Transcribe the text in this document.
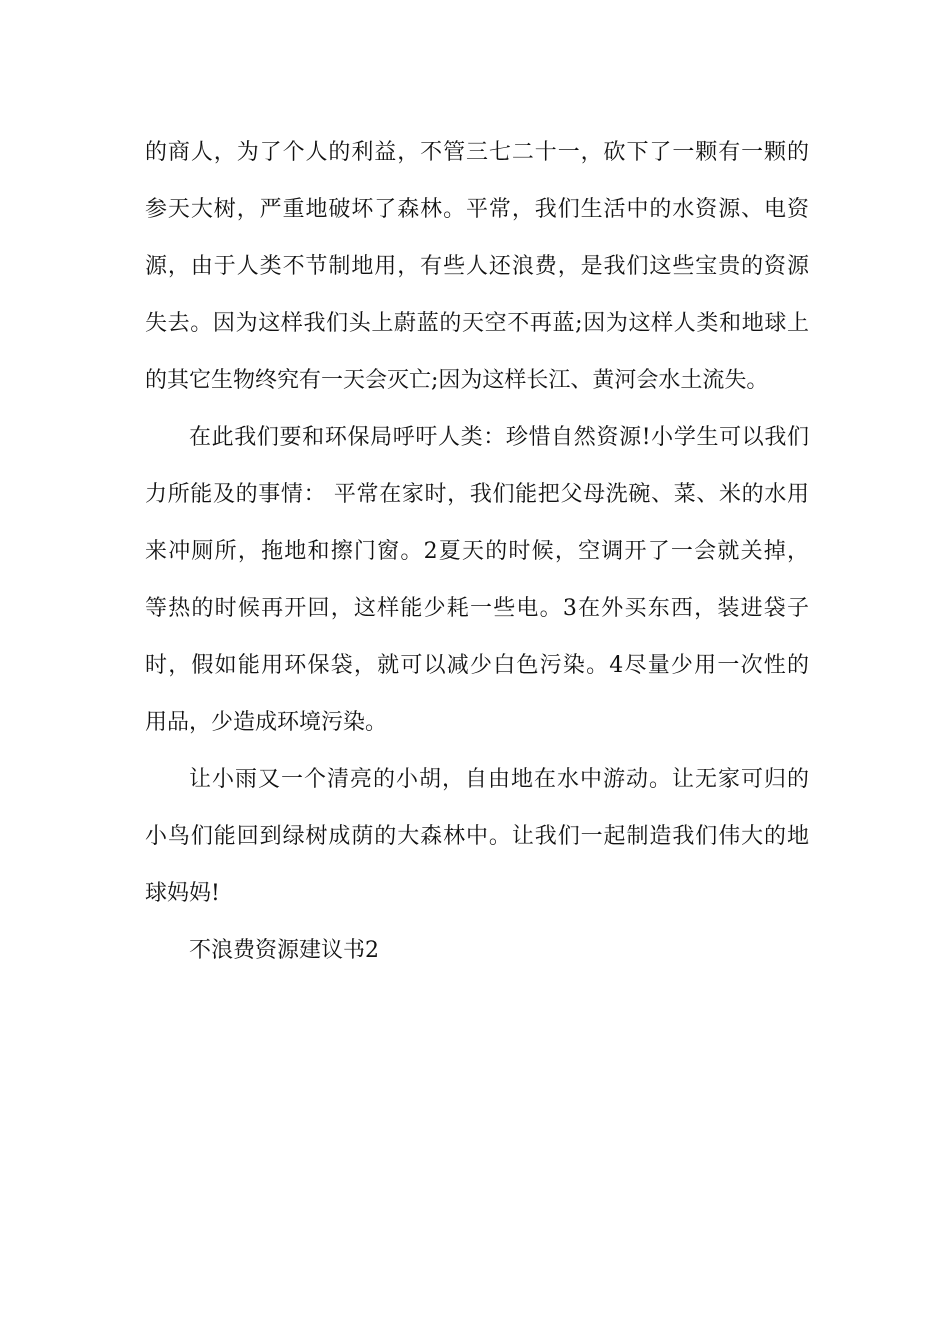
的商人，为了个人的利益，不管三七二十一，砍下了一颗有一颗的
参天大树，严重地破坏了森林。平常，我们生活中的水资源、电资
源，由于人类不节制地用，有些人还浪费，是我们这些宝贵的资源
失去。因为这样我们头上蔚蓝的天空不再蓝;因为这样人类和地球上
的其它生物终究有一天会灭亡;因为这样长江、黄河会水土流失。
在此我们要和环保局呼吁人类：珍惜自然资源!小学生可以我们
力所能及的事情： 平常在家时，我们能把父母洗碗、菜、米的水用
来冲厕所，拖地和擦门窗。2夏天的时候，空调开了一会就关掉，
等热的时候再开回，这样能少耗一些电。3在外买东西，装进袋子
时，假如能用环保袋，就可以减少白色污染。4尽量少用一次性的
用品，少造成环境污染。
让小雨又一个清亮的小胡，自由地在水中游动。让无家可归的
小鸟们能回到绿树成荫的大森林中。让我们一起制造我们伟大的地
球妈妈!
不浪费资源建议书2
